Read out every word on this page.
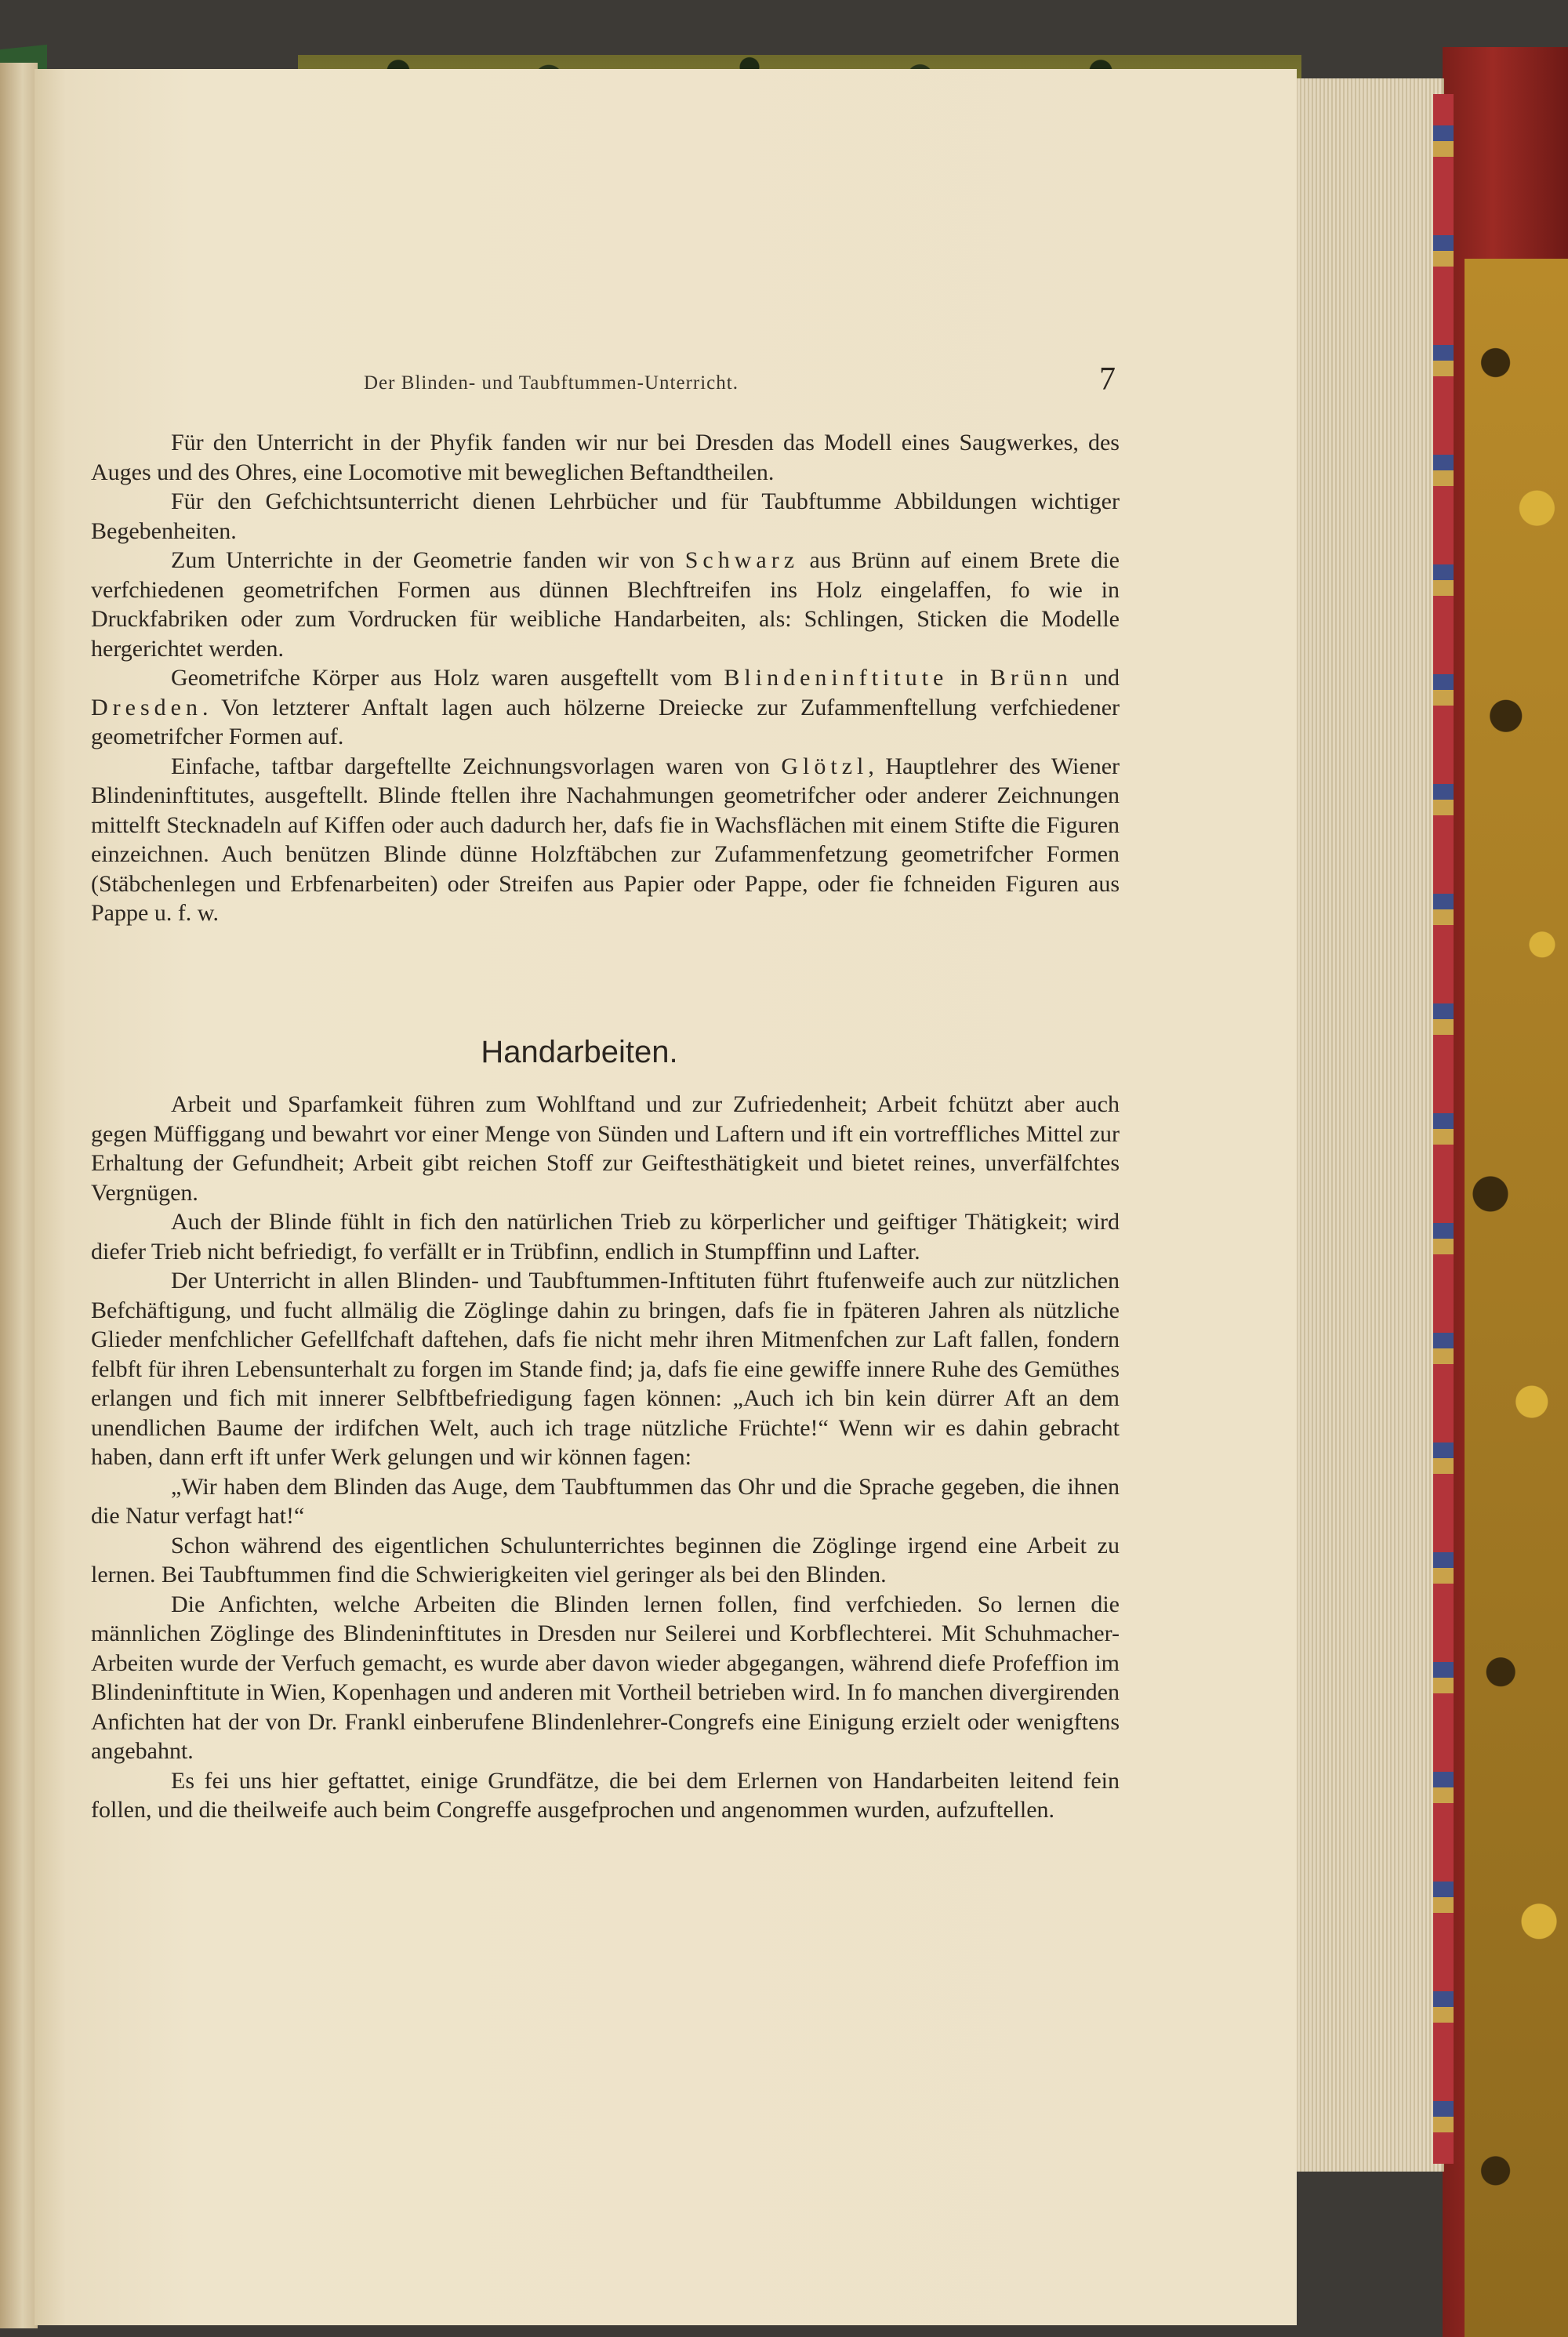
Der Blinden- und Taubftummen-Unterricht.	7

Für den Unterricht in der Phyfik fanden wir nur bei Dresden das Modell eines Saugwerkes, des Auges und des Ohres, eine Locomotive mit beweglichen Beftandtheilen.

Für den Gefchichtsunterricht dienen Lehrbücher und für Taubftumme Abbildungen wichtiger Begebenheiten.

Zum Unterrichte in der Geometrie fanden wir von Schwarz aus Brünn auf einem Brete die verfchiedenen geometrifchen Formen aus dünnen Blechftreifen ins Holz eingelaffen, fo wie in Druckfabriken oder zum Vordrucken für weibliche Handarbeiten, als: Schlingen, Sticken die Modelle hergerichtet werden.

Geometrifche Körper aus Holz waren ausgeftellt vom Blindeninftitute in Brünn und Dresden. Von letzterer Anftalt lagen auch hölzerne Dreiecke zur Zufammenftellung verfchiedener geometrifcher Formen auf.

Einfache, taftbar dargeftellte Zeichnungsvorlagen waren von Glötzl, Hauptlehrer des Wiener Blindeninftitutes, ausgeftellt. Blinde ftellen ihre Nachahmungen geometrifcher oder anderer Zeichnungen mittelft Stecknadeln auf Kiffen oder auch dadurch her, dafs fie in Wachsflächen mit einem Stifte die Figuren einzeichnen. Auch benützen Blinde dünne Holzftäbchen zur Zufammenfetzung geometrifcher Formen (Stäbchenlegen und Erbfenarbeiten) oder Streifen aus Papier oder Pappe, oder fie fchneiden Figuren aus Pappe u. f. w.

Handarbeiten.

Arbeit und Sparfamkeit führen zum Wohlftand und zur Zufriedenheit; Arbeit fchützt aber auch gegen Müffiggang und bewahrt vor einer Menge von Sünden und Laftern und ift ein vortreffliches Mittel zur Erhaltung der Gefundheit; Arbeit gibt reichen Stoff zur Geiftesthätigkeit und bietet reines, unverfälfchtes Vergnügen.

Auch der Blinde fühlt in fich den natürlichen Trieb zu körperlicher und geiftiger Thätigkeit; wird diefer Trieb nicht befriedigt, fo verfällt er in Trübfinn, endlich in Stumpffinn und Lafter.

Der Unterricht in allen Blinden- und Taubftummen-Inftituten führt ftufenweife auch zur nützlichen Befchäftigung, und fucht allmälig die Zöglinge dahin zu bringen, dafs fie in fpäteren Jahren als nützliche Glieder menfchlicher Gefellfchaft daftehen, dafs fie nicht mehr ihren Mitmenfchen zur Laft fallen, fondern felbft für ihren Lebensunterhalt zu forgen im Stande find; ja, dafs fie eine gewiffe innere Ruhe des Gemüthes erlangen und fich mit innerer Selbftbefriedigung fagen können: „Auch ich bin kein dürrer Aft an dem unendlichen Baume der irdifchen Welt, auch ich trage nützliche Früchte!“ Wenn wir es dahin gebracht haben, dann erft ift unfer Werk gelungen und wir können fagen:

„Wir haben dem Blinden das Auge, dem Taubftummen das Ohr und die Sprache gegeben, die ihnen die Natur verfagt hat!“

Schon während des eigentlichen Schulunterrichtes beginnen die Zöglinge irgend eine Arbeit zu lernen. Bei Taubftummen find die Schwierigkeiten viel geringer als bei den Blinden.

Die Anfichten, welche Arbeiten die Blinden lernen follen, find verfchieden. So lernen die männlichen Zöglinge des Blindeninftitutes in Dresden nur Seilerei und Korbflechterei. Mit Schuhmacher-Arbeiten wurde der Verfuch gemacht, es wurde aber davon wieder abgegangen, während diefe Profeffion im Blindeninftitute in Wien, Kopenhagen und anderen mit Vortheil betrieben wird. In fo manchen divergirenden Anfichten hat der von Dr. Frankl einberufene Blindenlehrer-Congrefs eine Einigung erzielt oder wenigftens angebahnt.

Es fei uns hier geftattet, einige Grundfätze, die bei dem Erlernen von Handarbeiten leitend fein follen, und die theilweife auch beim Congreffe ausgefprochen und angenommen wurden, aufzuftellen.
